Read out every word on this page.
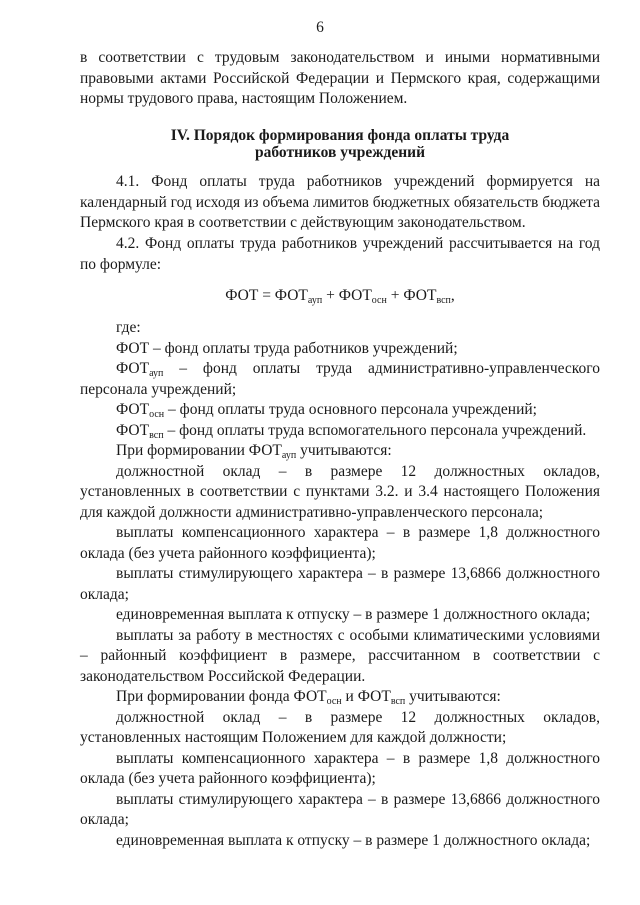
6

в соответствии с трудовым законодательством и иными нормативными правовыми актами Российской Федерации и Пермского края, содержащими нормы трудового права, настоящим Положением.

IV. Порядок формирования фонда оплаты труда
работников учреждений

4.1. Фонд оплаты труда работников учреждений формируется на календарный год исходя из объема лимитов бюджетных обязательств бюджета Пермского края в соответствии с действующим законодательством.

4.2. Фонд оплаты труда работников учреждений рассчитывается на год по формуле:

ФОТ = $ФОТ_{ауп} + ФОТ_{осн} + ФОТ_{всп}$,

где:

ФОТ – фонд оплаты труда работников учреждений;

$ФОТ_{ауп}$ – фонд оплаты труда административно-управленческого персонала учреждений;

$ФОТ_{осн}$ – фонд оплаты труда основного персонала учреждений;

$ФОТ_{всп}$ – фонд оплаты труда вспомогательного персонала учреждений.

При формировании $ФОТ_{ауп}$ учитываются:

должностной оклад – в размере 12 должностных окладов, установленных в соответствии с пунктами 3.2. и 3.4 настоящего Положения для каждой должности административно-управленческого персонала;

выплаты компенсационного характера – в размере 1,8 должностного оклада (без учета районного коэффициента);

выплаты стимулирующего характера – в размере 13,6866 должностного оклада;

единовременная выплата к отпуску – в размере 1 должностного оклада;

выплаты за работу в местностях с особыми климатическими условиями – районный коэффициент в размере, рассчитанном в соответствии с законодательством Российской Федерации.

При формировании фонда $ФОТ_{осн}$ и $ФОТ_{всп}$ учитываются:

должностной оклад – в размере 12 должностных окладов, установленных настоящим Положением для каждой должности;

выплаты компенсационного характера – в размере 1,8 должностного оклада (без учета районного коэффициента);

выплаты стимулирующего характера – в размере 13,6866 должностного оклада;

единовременная выплата к отпуску – в размере 1 должностного оклада;
